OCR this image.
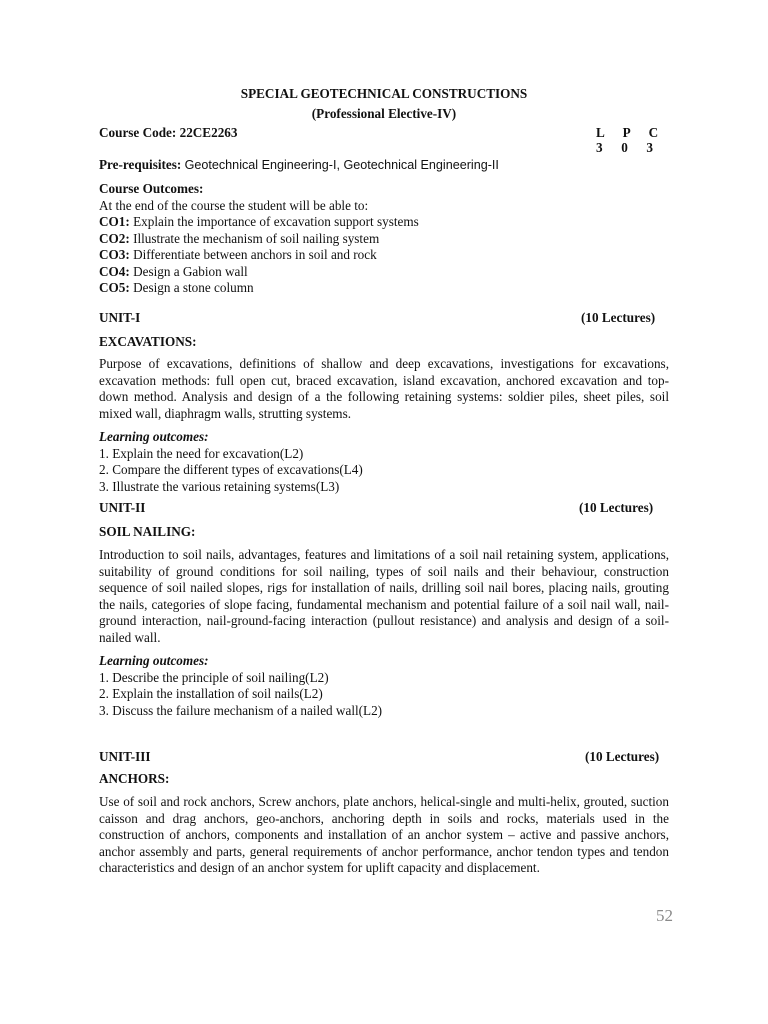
SPECIAL GEOTECHNICAL CONSTRUCTIONS
(Professional Elective-IV)
Course Code: 22CE2263	L  P  C
3  0  3
Pre-requisites: Geotechnical Engineering-I, Geotechnical Engineering-II
Course Outcomes:
At the end of the course the student will be able to:
CO1: Explain the importance of excavation support systems
CO2: Illustrate the mechanism of soil nailing system
CO3: Differentiate between anchors in soil and rock
CO4: Design a Gabion wall
CO5: Design a stone column
UNIT-I	(10 Lectures)
EXCAVATIONS:

Purpose of excavations, definitions of shallow and deep excavations, investigations for excavations, excavation methods: full open cut, braced excavation, island excavation, anchored excavation and top-down method. Analysis and design of a the following retaining systems: soldier piles, sheet piles, soil mixed wall, diaphragm walls, strutting systems.

Learning outcomes:
1. Explain the need for excavation(L2)
2. Compare the different types of excavations(L4)
3. Illustrate the various retaining systems(L3)
UNIT-II	(10 Lectures)
SOIL NAILING:

Introduction to soil nails, advantages, features and limitations of a soil nail retaining system, applications, suitability of ground conditions for soil nailing, types of soil nails and their behaviour, construction sequence of soil nailed slopes, rigs for installation of nails, drilling soil nail bores, placing nails, grouting the nails, categories of slope facing, fundamental mechanism and potential failure of a soil nail wall, nail-ground interaction, nail-ground-facing interaction (pullout resistance) and analysis and design of a soil-nailed wall.

Learning outcomes:
1. Describe the principle of soil nailing(L2)
2. Explain the installation of soil nails(L2)
3. Discuss the failure mechanism of a nailed wall(L2)
UNIT-III	(10 Lectures)
ANCHORS:

Use of soil and rock anchors, Screw anchors, plate anchors, helical-single and multi-helix, grouted, suction caisson and drag anchors, geo-anchors, anchoring depth in soils and rocks, materials used in the construction of anchors, components and installation of an anchor system – active and passive anchors, anchor assembly and parts, general requirements of anchor performance, anchor tendon types and tendon characteristics and design of an anchor system for uplift capacity and displacement.

52
